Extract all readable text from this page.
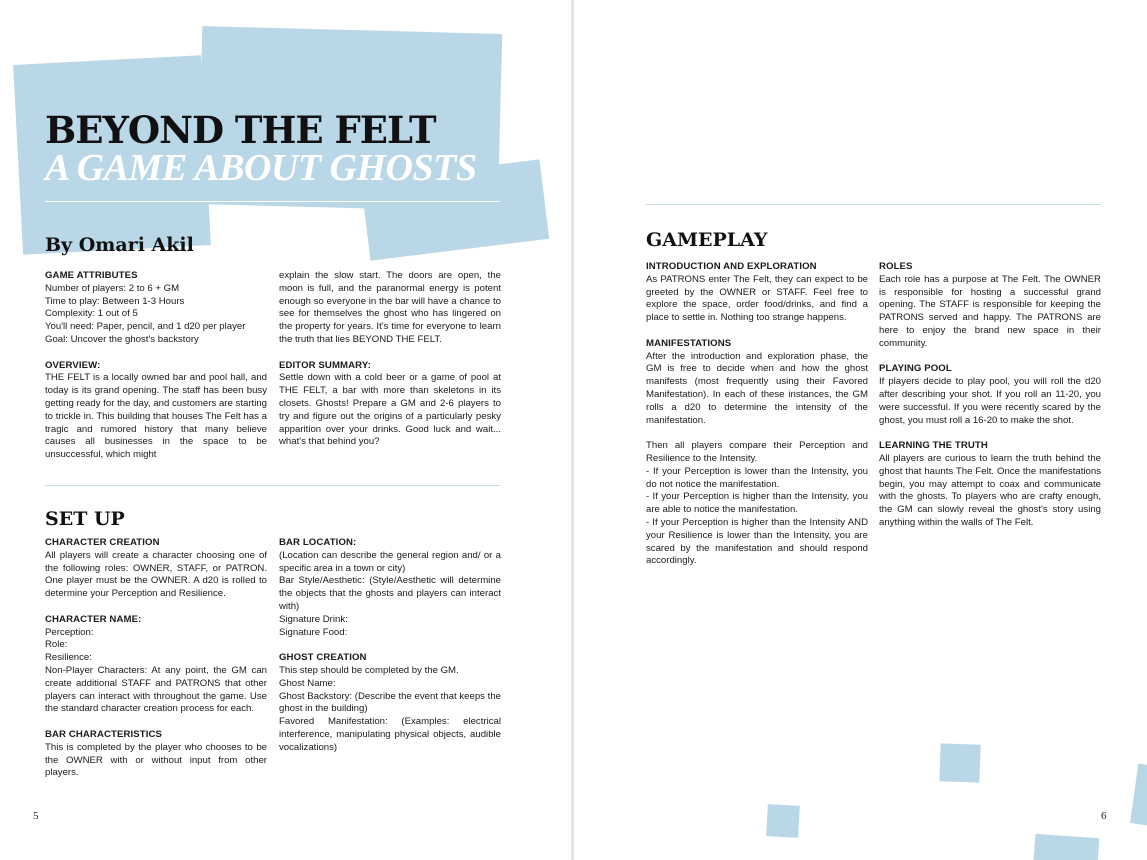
BEYOND THE FELT
A GAME ABOUT GHOSTS
By Omari Akil
GAME ATTRIBUTES
Number of players: 2 to 6 + GM
Time to play: Between 1-3 Hours
Complexity: 1 out of 5
You'll need: Paper, pencil, and 1 d20 per player
Goal: Uncover the ghost's backstory
OVERVIEW:

THE FELT is a locally owned bar and pool hall, and today is its grand opening. The staff has been busy getting ready for the day, and customers are starting to trickle in. This building that houses The Felt has a tragic and rumored history that many believe causes all businesses in the space to be unsuccessful, which might

explain the slow start. The doors are open, the moon is full, and the paranormal energy is potent enough so everyone in the bar will have a chance to see for themselves the ghost who has lingered on the property for years. It's time for everyone to learn the truth that lies BEYOND THE FELT.

EDITOR SUMMARY:

Settle down with a cold beer or a game of pool at THE FELT, a bar with more than skeletons in its closets. Ghosts! Prepare a GM and 2-6 players to try and figure out the origins of a particularly pesky apparition over your drinks. Good luck and wait... what's that behind you?

SET UP
CHARACTER CREATION

All players will create a character choosing one of the following roles: OWNER, STAFF, or PATRON. One player must be the OWNER. A d20 is rolled to determine your Perception and Resilience.

CHARACTER NAME:
Perception:
Role:
Resilience:

Non-Player Characters: At any point, the GM can create additional STAFF and PATRONS that other players can interact with throughout the game. Use the standard character creation process for each.

BAR CHARACTERISTICS

This is completed by the player who chooses to be the OWNER with or without input from other players.

BAR LOCATION:

(Location can describe the general region and/ or a specific area in a town or city)

Bar Style/Aesthetic: (Style/Aesthetic will determine the objects that the ghosts and players can interact with)

Signature Drink:
Signature Food:
GHOST CREATION
This step should be completed by the GM.
Ghost Name:

Ghost Backstory: (Describe the event that keeps the ghost in the building)

Favored Manifestation: (Examples: electrical interference, manipulating physical objects, audible vocalizations)

5
GAMEPLAY
INTRODUCTION AND EXPLORATION

As PATRONS enter The Felt, they can expect to be greeted by the OWNER or STAFF. Feel free to explore the space, order food/drinks, and find a place to settle in. Nothing too strange happens.

MANIFESTATIONS

After the introduction and exploration phase, the GM is free to decide when and how the ghost manifests (most frequently using their Favored Manifestation). In each of these instances, the GM rolls a d20 to determine the intensity of the manifestation.

Then all players compare their Perception and Resilience to the Intensity.

- If your Perception is lower than the Intensity, you do not notice the manifestation.

- If your Perception is higher than the Intensity, you are able to notice the manifestation.

- If your Perception is higher than the Intensity AND your Resilience is lower than the Intensity, you are scared by the manifestation and should respond accordingly.

ROLES

Each role has a purpose at The Felt. The OWNER is responsible for hosting a successful grand opening. The STAFF is responsible for keeping the PATRONS served and happy. The PATRONS are here to enjoy the brand new space in their community.

PLAYING POOL

If players decide to play pool, you will roll the d20 after describing your shot. If you roll an 11-20, you were successful. If you were recently scared by the ghost, you must roll a 16-20 to make the shot.

LEARNING THE TRUTH

All players are curious to learn the truth behind the ghost that haunts The Felt. Once the manifestations begin, you may attempt to coax and communicate with the ghosts. To players who are crafty enough, the GM can slowly reveal the ghost's story using anything within the walls of The Felt.

6
